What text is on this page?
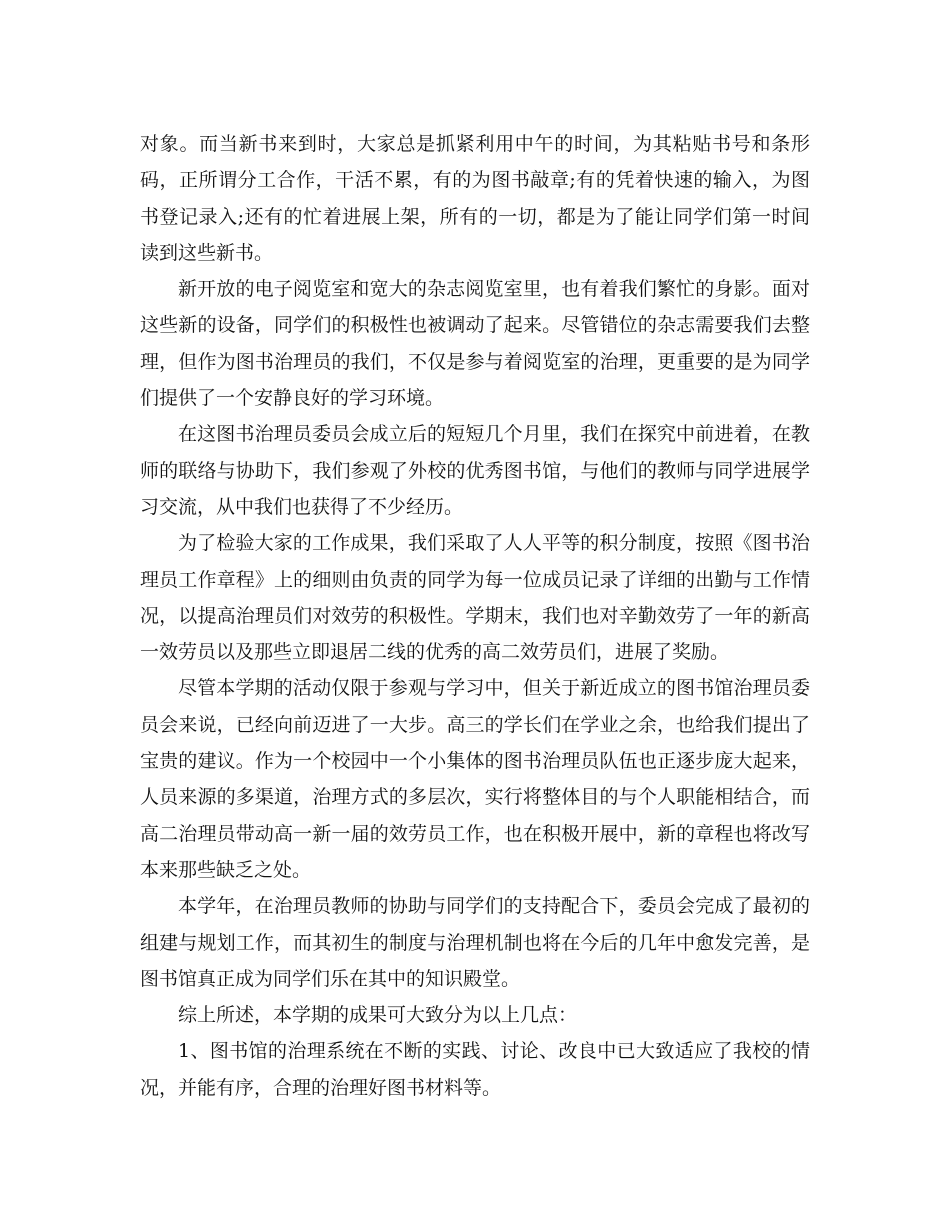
对象。而当新书来到时，大家总是抓紧利用中午的时间，为其粘贴书号和条形码，正所谓分工合作，干活不累，有的为图书敲章;有的凭着快速的输入，为图书登记录入;还有的忙着进展上架，所有的一切，都是为了能让同学们第一时间读到这些新书。

新开放的电子阅览室和宽大的杂志阅览室里，也有着我们繁忙的身影。面对这些新的设备，同学们的积极性也被调动了起来。尽管错位的杂志需要我们去整理，但作为图书治理员的我们，不仅是参与着阅览室的治理，更重要的是为同学们提供了一个安静良好的学习环境。

在这图书治理员委员会成立后的短短几个月里，我们在探究中前进着，在教师的联络与协助下，我们参观了外校的优秀图书馆，与他们的教师与同学进展学习交流，从中我们也获得了不少经历。

为了检验大家的工作成果，我们采取了人人平等的积分制度，按照《图书治理员工作章程》上的细则由负责的同学为每一位成员记录了详细的出勤与工作情况，以提高治理员们对效劳的积极性。学期末，我们也对辛勤效劳了一年的新高一效劳员以及那些立即退居二线的优秀的高二效劳员们，进展了奖励。

尽管本学期的活动仅限于参观与学习中，但关于新近成立的图书馆治理员委员会来说，已经向前迈进了一大步。高三的学长们在学业之余，也给我们提出了宝贵的建议。作为一个校园中一个小集体的图书治理员队伍也正逐步庞大起来，人员来源的多渠道，治理方式的多层次，实行将整体目的与个人职能相结合，而高二治理员带动高一新一届的效劳员工作，也在积极开展中，新的章程也将改写本来那些缺乏之处。

本学年，在治理员教师的协助与同学们的支持配合下，委员会完成了最初的组建与规划工作，而其初生的制度与治理机制也将在今后的几年中愈发完善，是图书馆真正成为同学们乐在其中的知识殿堂。

综上所述，本学期的成果可大致分为以上几点：

1、图书馆的治理系统在不断的实践、讨论、改良中已大致适应了我校的情况，并能有序，合理的治理好图书材料等。
